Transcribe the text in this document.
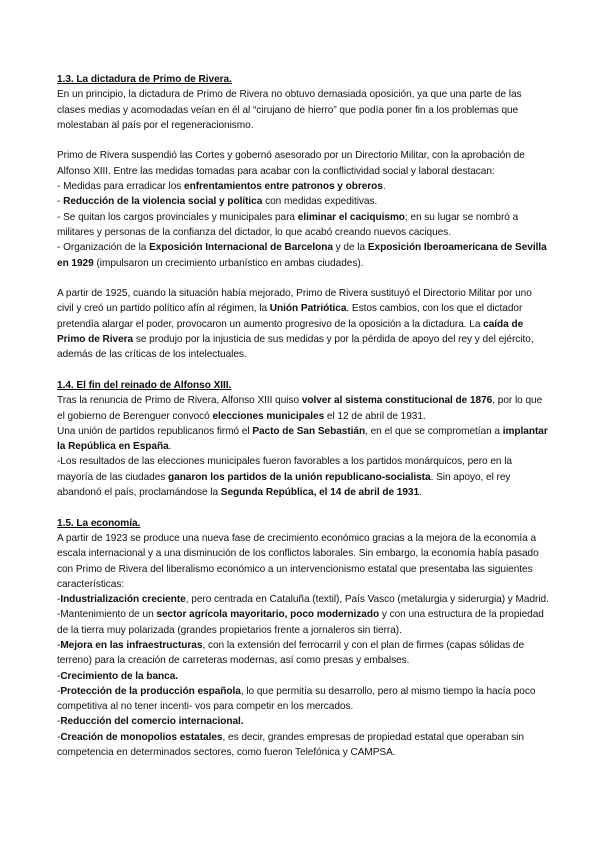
1.3. La dictadura de Primo de Rivera.

En un principio, la dictadura de Primo de Rivera no obtuvo demasiada oposición, ya que una parte de las clases medias y acomodadas veían en él al “cirujano de hierro” que podía poner fin a los problemas que molestaban al país por el regeneracionismo.

Primo de Rivera suspendió las Cortes y gobernó asesorado por un Directorio Militar, con la aprobación de Alfonso XIII. Entre las medidas tomadas para acabar con la conflictividad social y laboral destacan:

- Medidas para erradicar los enfrentamientos entre patronos y obreros.

- Reducción de la violencia social y política con medidas expeditivas.

- Se quitan los cargos provinciales y municipales para eliminar el caciquismo; en su lugar se nombró a militares y personas de la confianza del dictador, lo que acabó creando nuevos caciques.

- Organización de la Exposición Internacional de Barcelona y de la Exposición Iberoamericana de Sevilla en 1929 (impulsaron un crecimiento urbanístico en ambas ciudades).

A partir de 1925, cuando la situación había mejorado, Primo de Rivera sustituyó el Directorio Militar por uno civil y creó un partido político afín al régimen, la Unión Patriótica. Estos cambios, con los que el dictador pretendía alargar el poder, provocaron un aumento progresivo de la oposición a la dictadura. La caída de Primo de Rivera se produjo por la injusticia de sus medidas y por la pérdida de apoyo del rey y del ejército, además de las críticas de los intelectuales.

1.4. El fin del reinado de Alfonso XIII.

Tras la renuncia de Primo de Rivera, Alfonso XIII quiso volver al sistema constitucional de 1876, por lo que el gobierno de Berenguer convocó elecciones municipales el 12 de abril de 1931.

Una unión de partidos republicanos firmó el Pacto de San Sebastián, en el que se comprometían a implantar la República en España.

-Los resultados de las elecciones municipales fueron favorables a los partidos monárquicos, pero en la mayoría de las ciudades ganaron los partidos de la unión republicano-socialista. Sin apoyo, el rey abandonó el país, proclamándose la Segunda República, el 14 de abril de 1931.

1.5. La economía.

A partir de 1923 se produce una nueva fase de crecimiento económico gracias a la mejora de la economía a escala internacional y a una disminución de los conflictos laborales. Sin embargo, la economía había pasado con Primo de Rivera del liberalismo económico a un intervencionismo estatal que presentaba las siguientes características:

-Industrialización creciente, pero centrada en Cataluña (textil), País Vasco (metalurgia y siderurgia) y Madrid.

-Mantenimiento de un sector agrícola mayoritario, poco modernizado y con una estructura de la propiedad de la tierra muy polarizada (grandes propietarios frente a jornaleros sin tierra).

-Mejora en las infraestructuras, con la extensión del ferrocarril y con el plan de firmes (capas sólidas de terreno) para la creación de carreteras modernas, así como presas y embalses.

-Crecimiento de la banca.

-Protección de la producción española, lo que permitía su desarrollo, pero al mismo tiempo la hacía poco competitiva al no tener incenti- vos para competir en los mercados.

-Reducción del comercio internacional.

-Creación de monopolios estatales, es decir, grandes empresas de propiedad estatal que operaban sin competencia en determinados sectores, como fueron Telefónica y CAMPSA.
